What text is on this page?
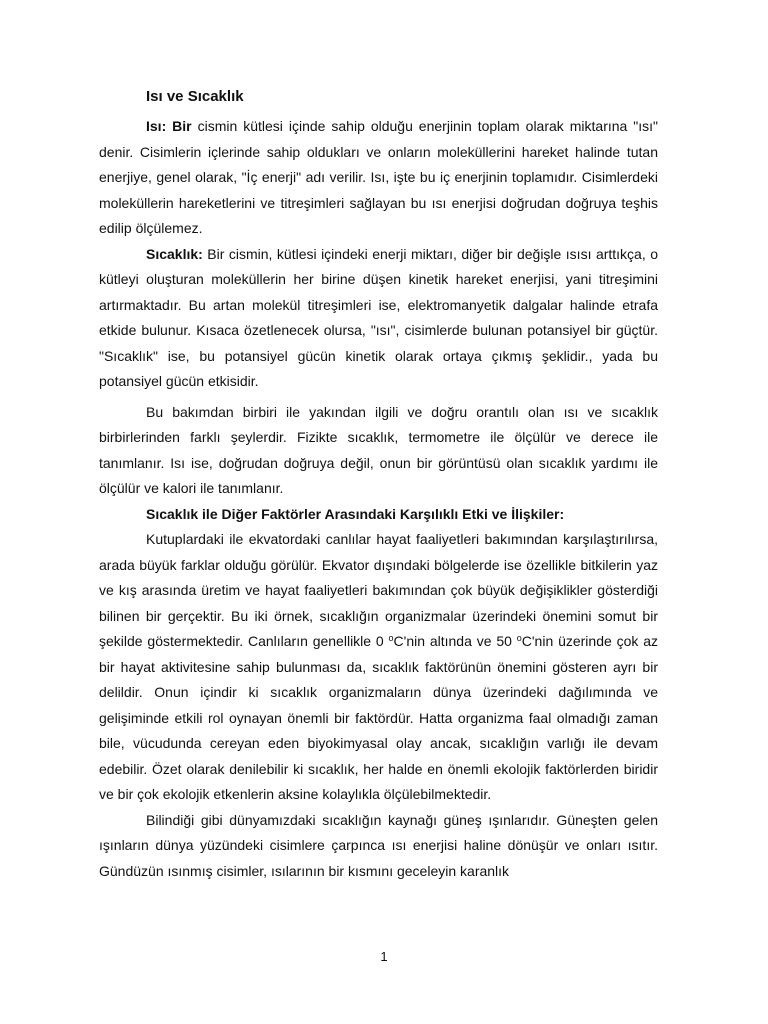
Isı ve Sıcaklık

Isı: Bir cismin kütlesi içinde sahip olduğu enerjinin toplam olarak miktarına "ısı" denir. Cisimlerin içlerinde sahip oldukları ve onların moleküllerini hareket halinde tutan enerjiye, genel olarak, "İç enerji" adı verilir. Isı, işte bu iç enerjinin toplamıdır. Cisimlerdeki moleküllerin hareketlerini ve titreşimleri sağlayan bu ısı enerjisi doğrudan doğruya teşhis edilip ölçülemez.

Sıcaklık: Bir cismin, kütlesi içindeki enerji miktarı, diğer bir değişle ısısı arttıkça, o kütleyi oluşturan moleküllerin her birine düşen kinetik hareket enerjisi, yani titreşimini artırmaktadır. Bu artan molekül titreşimleri ise, elektromanyetik dalgalar halinde etrafa etkide bulunur. Kısaca özetlenecek olursa, "ısı", cisimlerde bulunan potansiyel bir güçtür. "Sıcaklık" ise, bu potansiyel gücün kinetik olarak ortaya çıkmış şeklidir., yada bu potansiyel gücün etkisidir.

Bu bakımdan birbiri ile yakından ilgili ve doğru orantılı olan ısı ve sıcaklık birbirlerinden farklı şeylerdir. Fizikte sıcaklık, termometre ile ölçülür ve derece ile tanımlanır. Isı ise, doğrudan doğruya değil, onun bir görüntüsü olan sıcaklık yardımı ile ölçülür ve kalori ile tanımlanır.

Sıcaklık ile Diğer Faktörler Arasındaki Karşılıklı Etki ve İlişkiler:

Kutuplardaki ile ekvatordaki canlılar hayat faaliyetleri bakımından karşılaştırılırsa, arada büyük farklar olduğu görülür. Ekvator dışındaki bölgelerde ise özellikle bitkilerin yaz ve kış arasında üretim ve hayat faaliyetleri bakımından çok büyük değişiklikler gösterdiği bilinen bir gerçektir. Bu iki örnek, sıcaklığın organizmalar üzerindeki önemini somut bir şekilde göstermektedir. Canlıların genellikle 0 $^o$C'nin altında ve 50 $^o$C'nin üzerinde çok az bir hayat aktivitesine sahip bulunması da, sıcaklık faktörünün önemini gösteren ayrı bir delildir. Onun içindir ki sıcaklık organizmaların dünya üzerindeki dağılımında ve gelişiminde etkili rol oynayan önemli bir faktördür. Hatta organizma faal olmadığı zaman bile, vücudunda cereyan eden biyokimyasal olay ancak, sıcaklığın varlığı ile devam edebilir. Özet olarak denilebilir ki sıcaklık, her halde en önemli ekolojik faktörlerden biridir ve bir çok ekolojik etkenlerin aksine kolaylıkla ölçülebilmektedir.

Bilindiği gibi dünyamızdaki sıcaklığın kaynağı güneş ışınlarıdır. Güneşten gelen ışınların dünya yüzündeki cisimlere çarpınca ısı enerjisi haline dönüşür ve onları ısıtır. Gündüzün ısınmış cisimler, ısılarının bir kısmını geceleyin karanlık

1
